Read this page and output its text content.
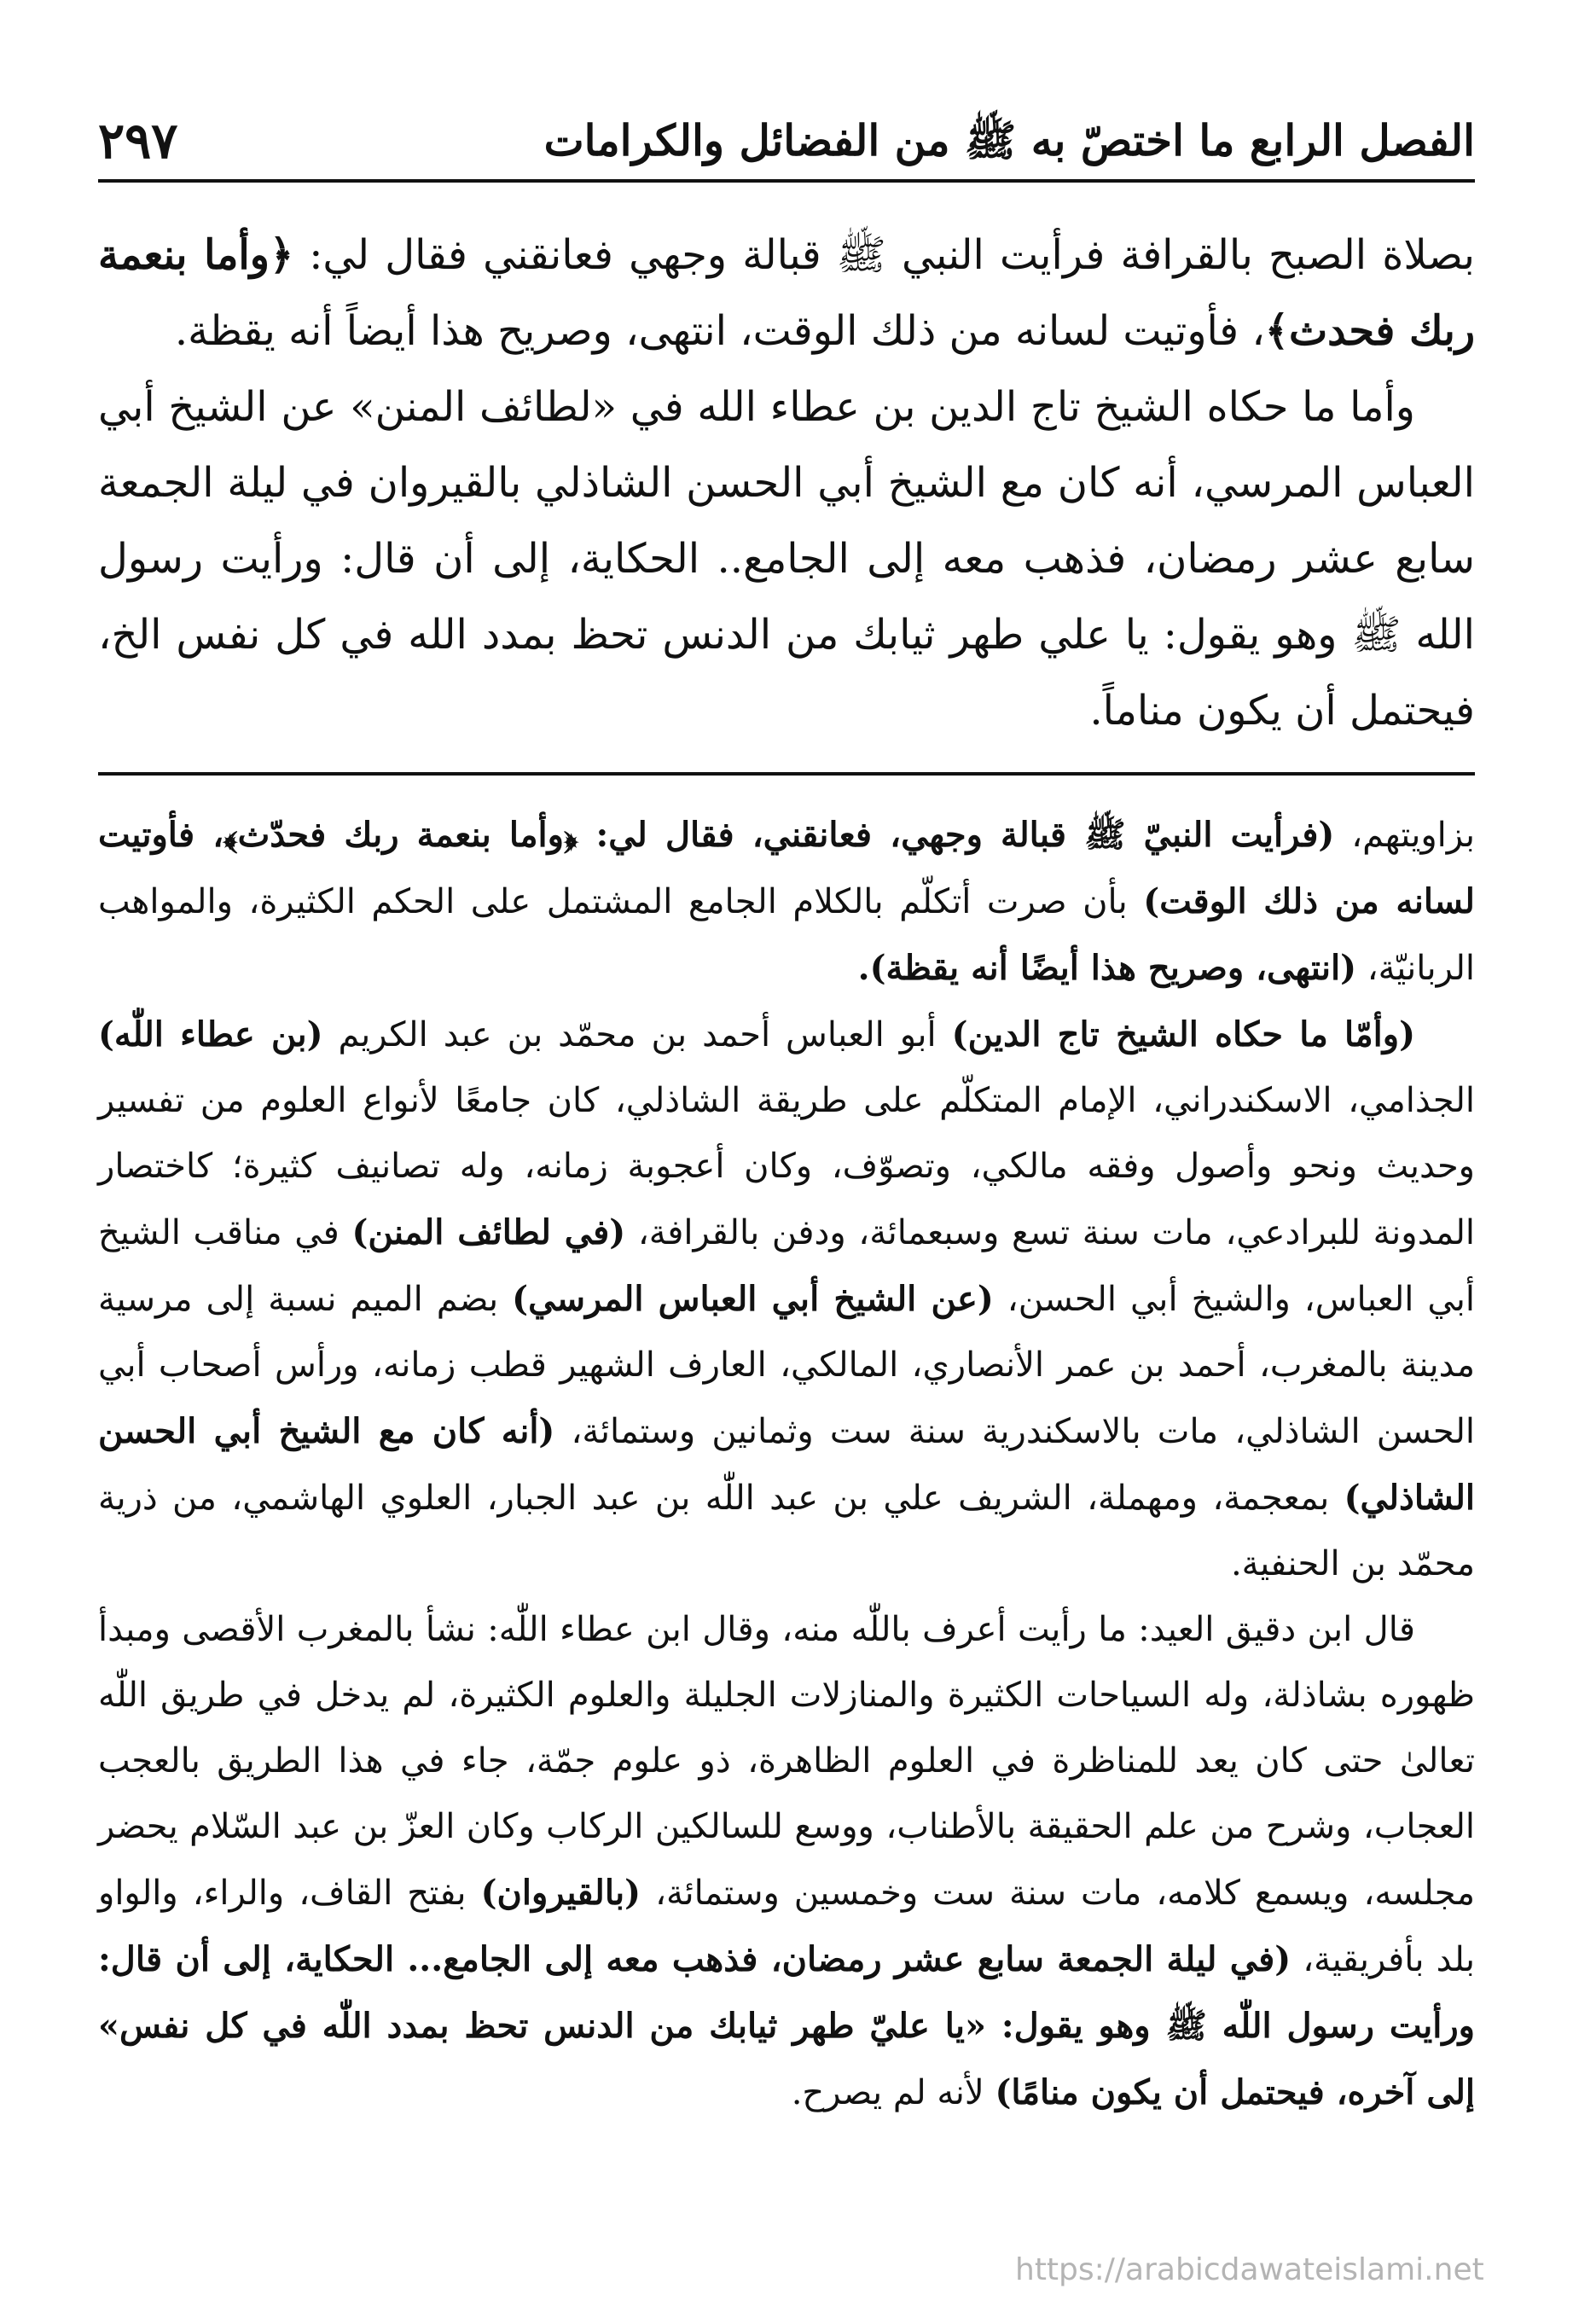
الفصل الرابع ما اختصّ به ﷺ من الفضائل والكرامات
٢٩٧

بصلاة الصبح بالقرافة فرأيت النبي ﷺ قبالة وجهي فعانقني فقال لي: ﴿وأما بنعمة ربك فحدث﴾، فأوتيت لسانه من ذلك الوقت، انتهى، وصريح هذا أيضاً أنه يقظة.

وأما ما حكاه الشيخ تاج الدين بن عطاء الله في «لطائف المنن» عن الشيخ أبي العباس المرسي، أنه كان مع الشيخ أبي الحسن الشاذلي بالقيروان في ليلة الجمعة سابع عشر رمضان، فذهب معه إلى الجامع.. الحكاية، إلى أن قال: ورأيت رسول الله ﷺ وهو يقول: يا علي طهر ثيابك من الدنس تحظ بمدد الله في كل نفس الخ، فيحتمل أن يكون مناماً.

بزاويتهم، (فرأيت النبيّ ﷺ قبالة وجهي، فعانقني، فقال لي: ﴿وأما بنعمة ربك فحدّث﴾، فأوتيت لسانه من ذلك الوقت) بأن صرت أتكلّم بالكلام الجامع المشتمل على الحكم الكثيرة، والمواهب الربانيّة، (انتهى، وصريح هذا أيضًا أنه يقظة).

(وأمّا ما حكاه الشيخ تاج الدين) أبو العباس أحمد بن محمّد بن عبد الكريم (بن عطاء اللّٰه) الجذامي، الاسكندراني، الإمام المتكلّم على طريقة الشاذلي، كان جامعًا لأنواع العلوم من تفسير وحديث ونحو وأصول وفقه مالكي، وتصوّف، وكان أعجوبة زمانه، وله تصانيف كثيرة؛ كاختصار المدونة للبرادعي، مات سنة تسع وسبعمائة، ودفن بالقرافة، (في لطائف المنن) في مناقب الشيخ أبي العباس، والشيخ أبي الحسن، (عن الشيخ أبي العباس المرسي) بضم الميم نسبة إلى مرسية مدينة بالمغرب، أحمد بن عمر الأنصاري، المالكي، العارف الشهير قطب زمانه، ورأس أصحاب أبي الحسن الشاذلي، مات بالاسكندرية سنة ست وثمانين وستمائة، (أنه كان مع الشيخ أبي الحسن الشاذلي) بمعجمة، ومهملة، الشريف علي بن عبد اللّٰه بن عبد الجبار، العلوي الهاشمي، من ذرية محمّد بن الحنفية.

قال ابن دقيق العيد: ما رأيت أعرف باللّٰه منه، وقال ابن عطاء اللّٰه: نشأ بالمغرب الأقصى ومبدأ ظهوره بشاذلة، وله السياحات الكثيرة والمنازلات الجليلة والعلوم الكثيرة، لم يدخل في طريق اللّٰه تعالىٰ حتى كان يعد للمناظرة في العلوم الظاهرة، ذو علوم جمّة، جاء في هذا الطريق بالعجب العجاب، وشرح من علم الحقيقة بالأطناب، ووسع للسالكين الركاب وكان العزّ بن عبد السّلام يحضر مجلسه، ويسمع كلامه، مات سنة ست وخمسين وستمائة، (بالقيروان) بفتح القاف، والراء، والواو بلد بأفريقية، (في ليلة الجمعة سابع عشر رمضان، فذهب معه إلى الجامع... الحكاية، إلى أن قال: ورأيت رسول اللّٰه ﷺ وهو يقول: «يا عليّ طهر ثيابك من الدنس تحظ بمدد اللّٰه في كل نفس» إلى آخره، فيحتمل أن يكون منامًا) لأنه لم يصرح.

https://arabicdawateislami.net
